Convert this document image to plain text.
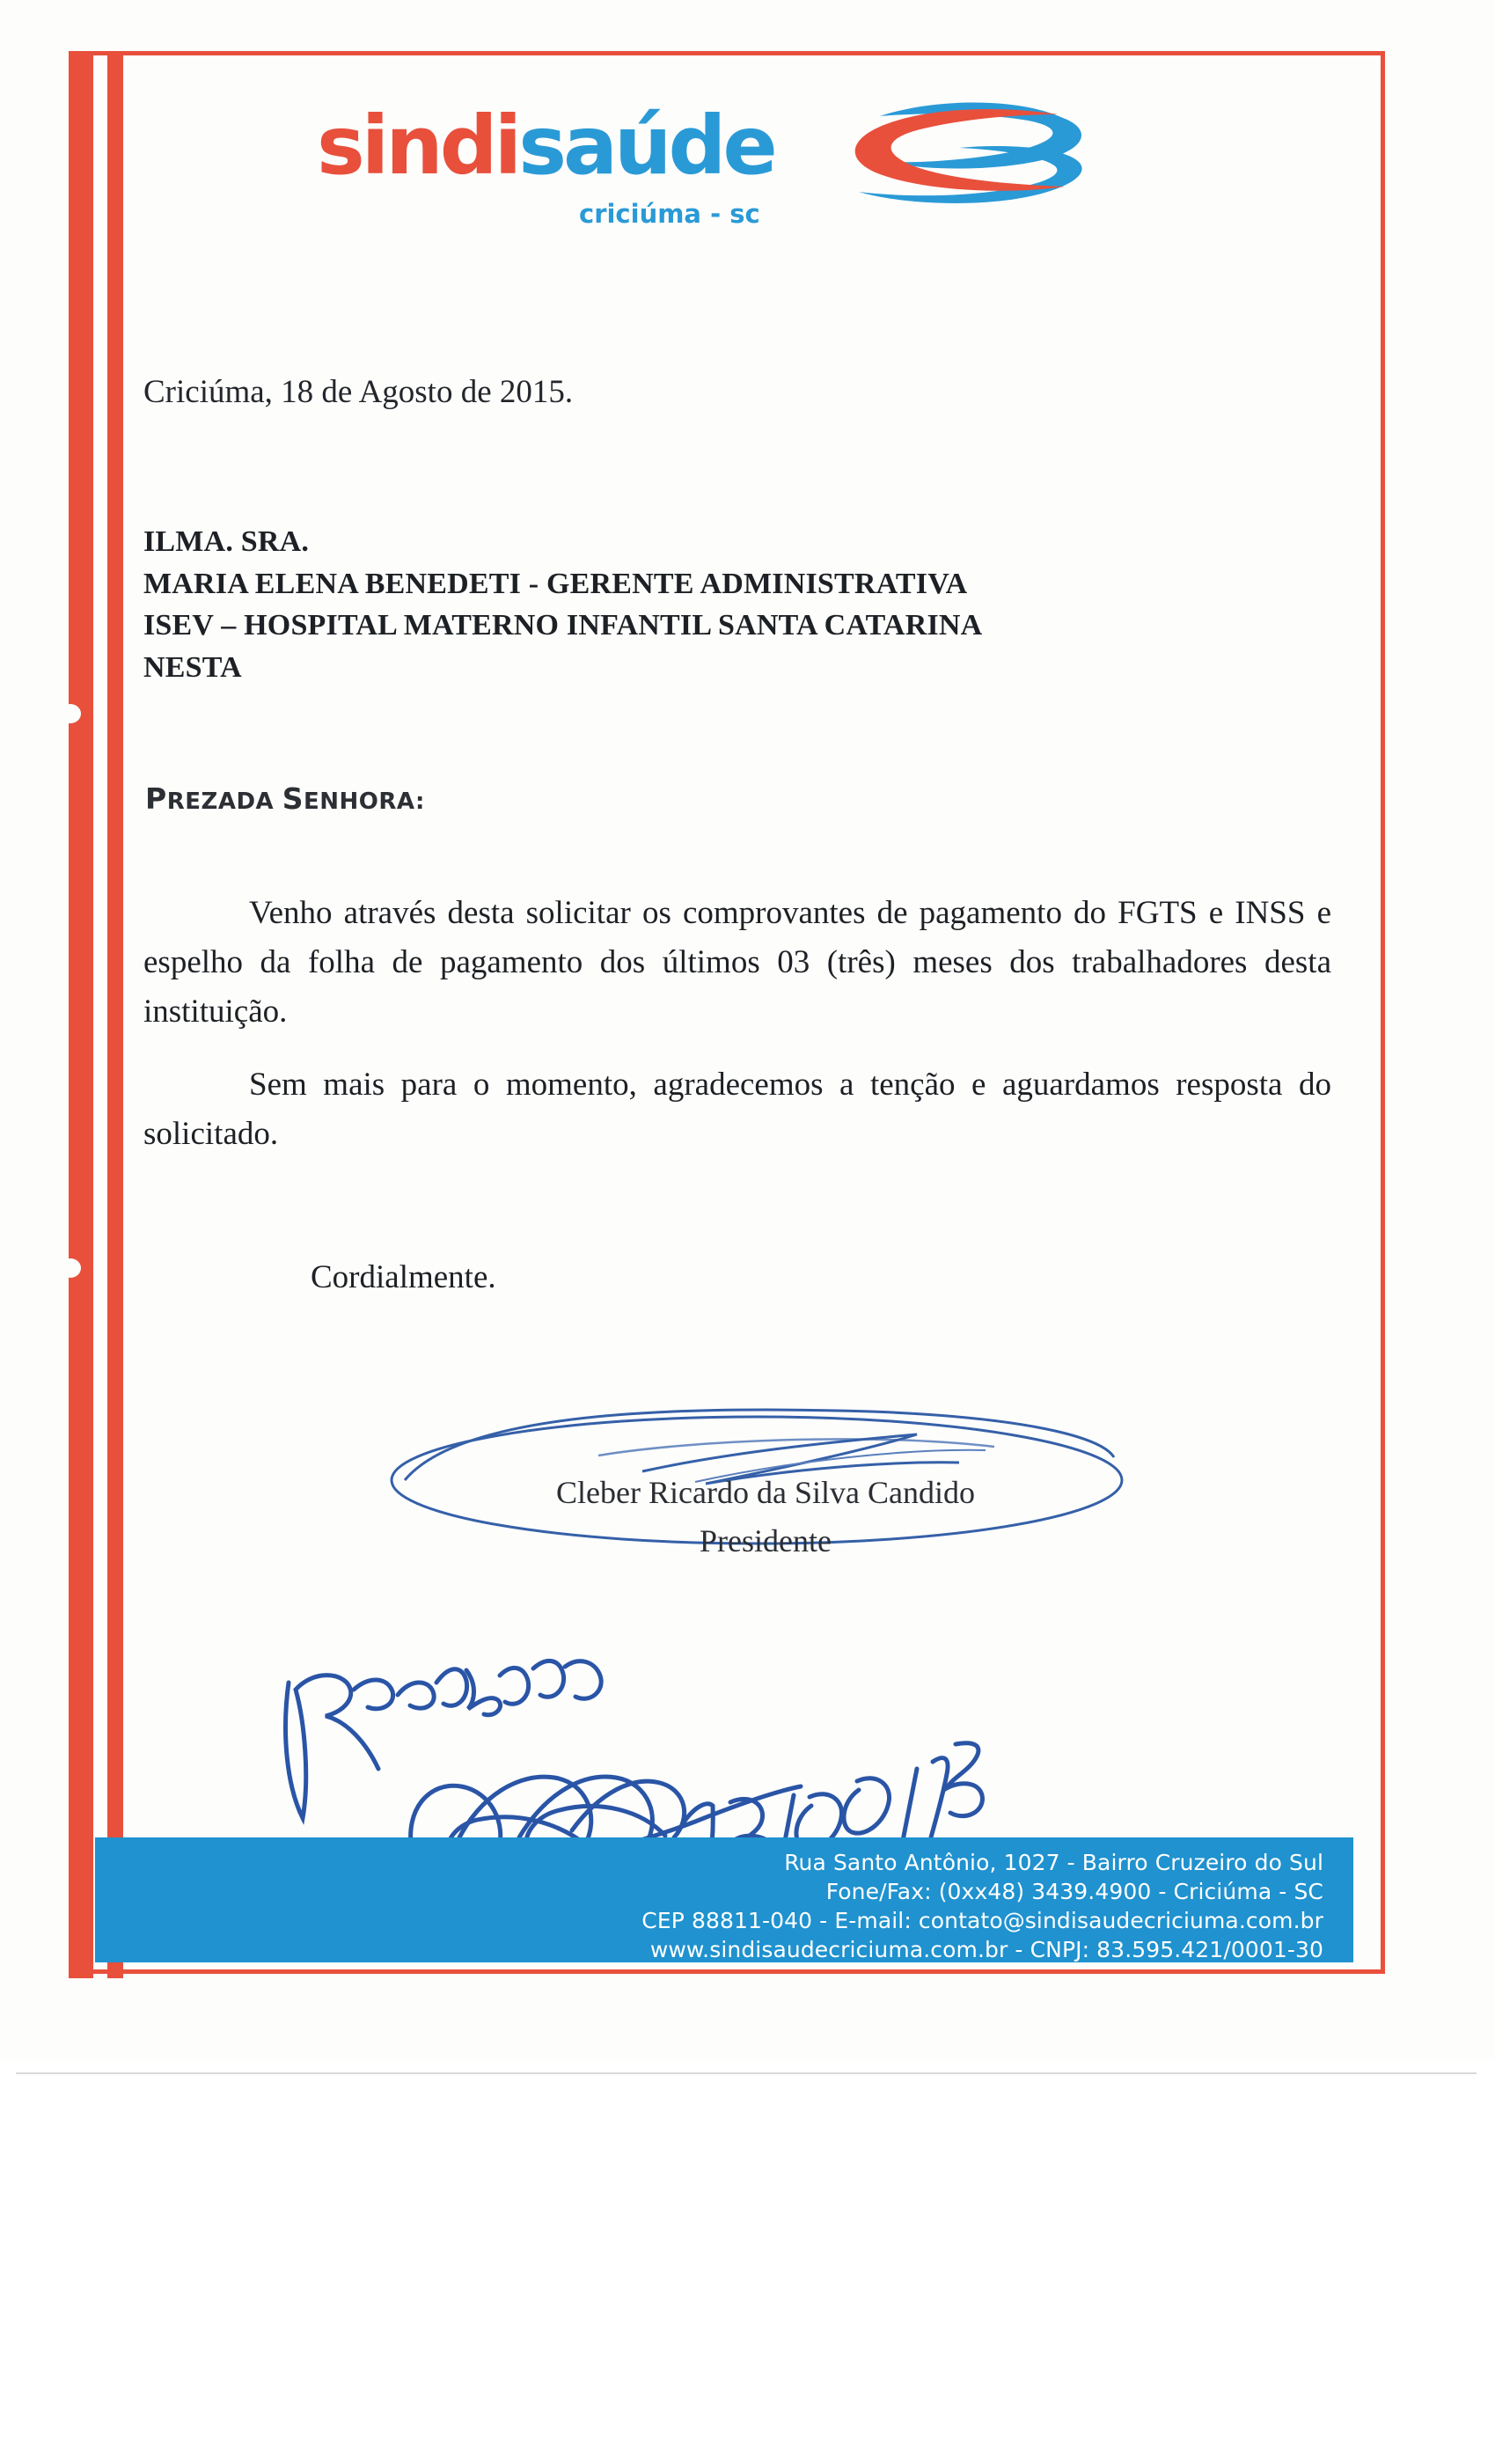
sindisaúde
criciúma - sc
Criciúma, 18 de Agosto de 2015.
ILMA. SRA.
MARIA ELENA BENEDETI - GERENTE ADMINISTRATIVA
ISEV – HOSPITAL MATERNO INFANTIL SANTA CATARINA
NESTA
PREZADA SENHORA:
Venho através desta solicitar os comprovantes de pagamento do FGTS e INSS e espelho da folha de pagamento dos últimos 03 (três) meses dos trabalhadores desta instituição.
Sem mais para o momento, agradecemos a tenção e aguardamos resposta do solicitado.
Cordialmente.
Cleber Ricardo da Silva Candido
Presidente
Rua Santo Antônio, 1027 - Bairro Cruzeiro do Sul
Fone/Fax: (0xx48) 3439.4900 - Criciúma - SC
CEP 88811-040 - E-mail: contato@sindisaudecriciuma.com.br
www.sindisaudecriciuma.com.br - CNPJ: 83.595.421/0001-30
